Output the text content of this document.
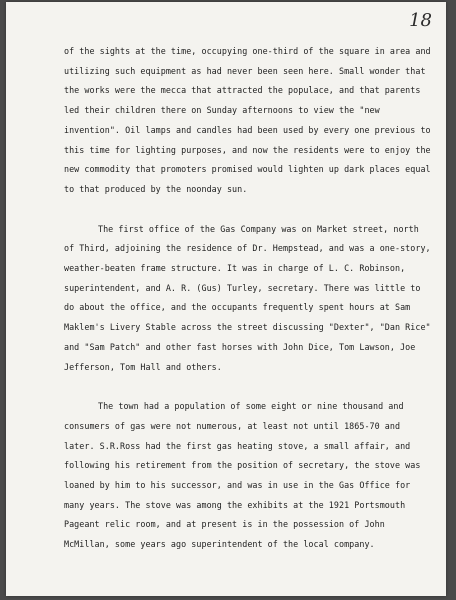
18

of the sights at the time, occupying one-third of the square in area and utilizing such equipment as had never been seen here. Small wonder that the works were the mecca that attracted the populace, and that parents led their children there on Sunday afternoons to view the "new invention". Oil lamps and candles had been used by every one previous to this time for lighting purposes, and now the residents were to enjoy the new commodity that promoters promised would lighten up dark places equal to that produced by the noonday sun.

The first office of the Gas Company was on Market street, north of Third, adjoining the residence of Dr. Hempstead, and was a one-story, weather-beaten frame structure. It was in charge of L. C. Robinson, superintendent, and A. R. (Gus) Turley, secretary. There was little to do about the office, and the occupants frequently spent hours at Sam Maklem's Livery Stable across the street discussing "Dexter", "Dan Rice" and "Sam Patch" and other fast horses with John Dice, Tom Lawson, Joe Jefferson, Tom Hall and others.

The town had a population of some eight or nine thousand and consumers of gas were not numerous, at least not until 1865-70 and later. S.R.Ross had the first gas heating stove, a small affair, and following his retirement from the position of secretary, the stove was loaned by him to his successor, and was in use in the Gas Office for many years. The stove was among the exhibits at the 1921 Portsmouth Pageant relic room, and at present is in the possession of John McMillan, some years ago superintendent of the local company.
